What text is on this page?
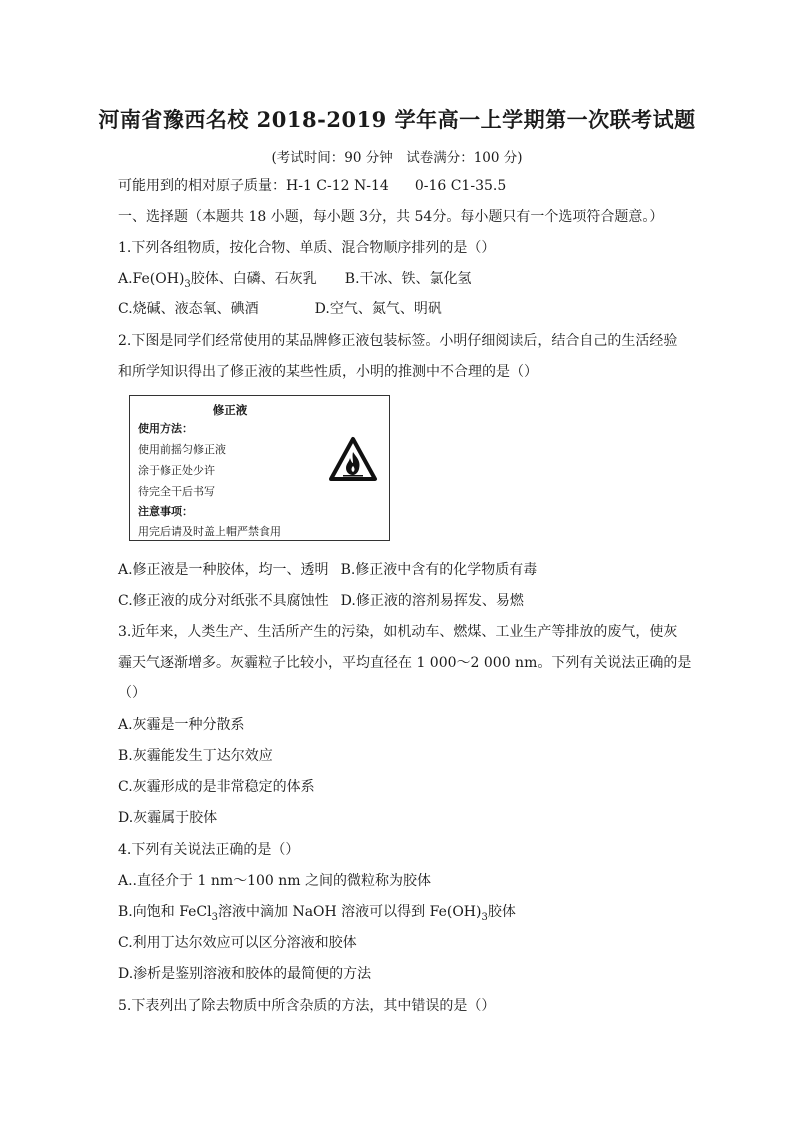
河南省豫西名校 2018-2019 学年高一上学期第一次联考试题
(考试时间：90 分钟　试卷满分：100 分)
可能用到的相对原子质量：H-1 C-12 N-14 0-16 C1-35.5
一、选择题（本题共 18 小题，每小题 3分，共 54分。每小题只有一个选项符合题意。）
1.下列各组物质，按化合物、单质、混合物顺序排列的是（）
$A.Fe(OH)_3$胶体、白磷、石灰乳 B.干冰、铁、氯化氢
C.烧碱、液态氧、碘酒	D.空气、氮气、明矾
2.下图是同学们经常使用的某品牌修正液包装标签。小明仔细阅读后，结合自己的生活经验
和所学知识得出了修正液的某些性质，小明的推测中不合理的是（）
修正液
使用方法：
使用前摇匀修正液
涂于修正处少许
待完全干后书写
注意事项：
用完后请及时盖上帽严禁食用
A.修正液是一种胶体，均一、透明 B.修正液中含有的化学物质有毒
C.修正液的成分对纸张不具腐蚀性 D.修正液的溶剂易挥发、易燃
3.近年来，人类生产、生活所产生的污染，如机动车、燃煤、工业生产等排放的废气，使灰
霾天气逐渐增多。灰霾粒子比较小，平均直径在 1 000～2 000 nm。下列有关说法正确的是
（）
A.灰霾是一种分散系
B.灰霾能发生丁达尔效应
C.灰霾形成的是非常稳定的体系
D.灰霾属于胶体
4.下列有关说法正确的是（）
A..直径介于 1 nm～100 nm 之间的微粒称为胶体
B.向饱和 FeCl$_3$溶液中滴加 NaOH 溶液可以得到 $Fe(OH)_3$胶体
C.利用丁达尔效应可以区分溶液和胶体
D.渗析是鉴别溶液和胶体的最简便的方法
5.下表列出了除去物质中所含杂质的方法，其中错误的是（）
